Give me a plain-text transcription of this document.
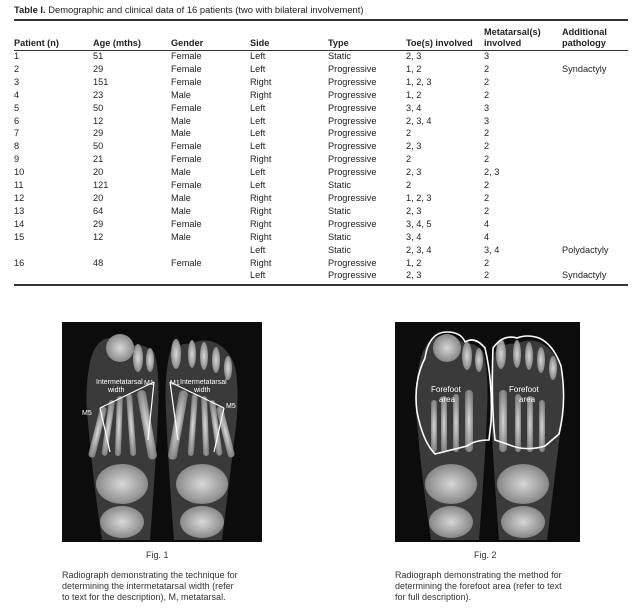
Table I. Demographic and clinical data of 16 patients (two with bilateral involvement)
Patient (n)	Age (mths)	Gender	Side	Type	Toe(s) involved	Metatarsal(s)
involved	Additional
pathology
1	51	Female	Left	Static	2, 3	3	
2	29	Female	Left	Progressive	1, 2	2	Syndactyly
3	151	Female	Right	Progressive	1, 2, 3	2	
4	23	Male	Right	Progressive	1, 2	2	
5	50	Female	Left	Progressive	3, 4	3	
6	12	Male	Left	Progressive	2, 3, 4	3	
7	29	Male	Left	Progressive	2	2	
8	50	Female	Left	Progressive	2, 3	2	
9	21	Female	Right	Progressive	2	2	
10	20	Male	Left	Progressive	2, 3	2, 3	
11	121	Female	Left	Static	2	2	
12	20	Male	Right	Progressive	1, 2, 3	2	
13	64	Male	Right	Static	2, 3	2	
14	29	Female	Right	Progressive	3, 4, 5	4	
15	12	Male	Right	Static	3, 4	4	
			Left	Static	2, 3, 4	3, 4	Polydactyly
16	48	Female	Right	Progressive	1, 2	2	
			Left	Progressive	2, 3	2	Syndactyly
Intermetatarsal
width
M1
M5
Intermetatarsal
width
M1
M5
Fig. 1
Radiograph demonstrating the technique for
determining the intermetatarsal width (refer
to text for the description), M, metatarsal.
Forefoot
area
Forefoot
area
Fig. 2
Radiograph demonstrating the method for
determining the forefoot area (refer to text
for full description).
